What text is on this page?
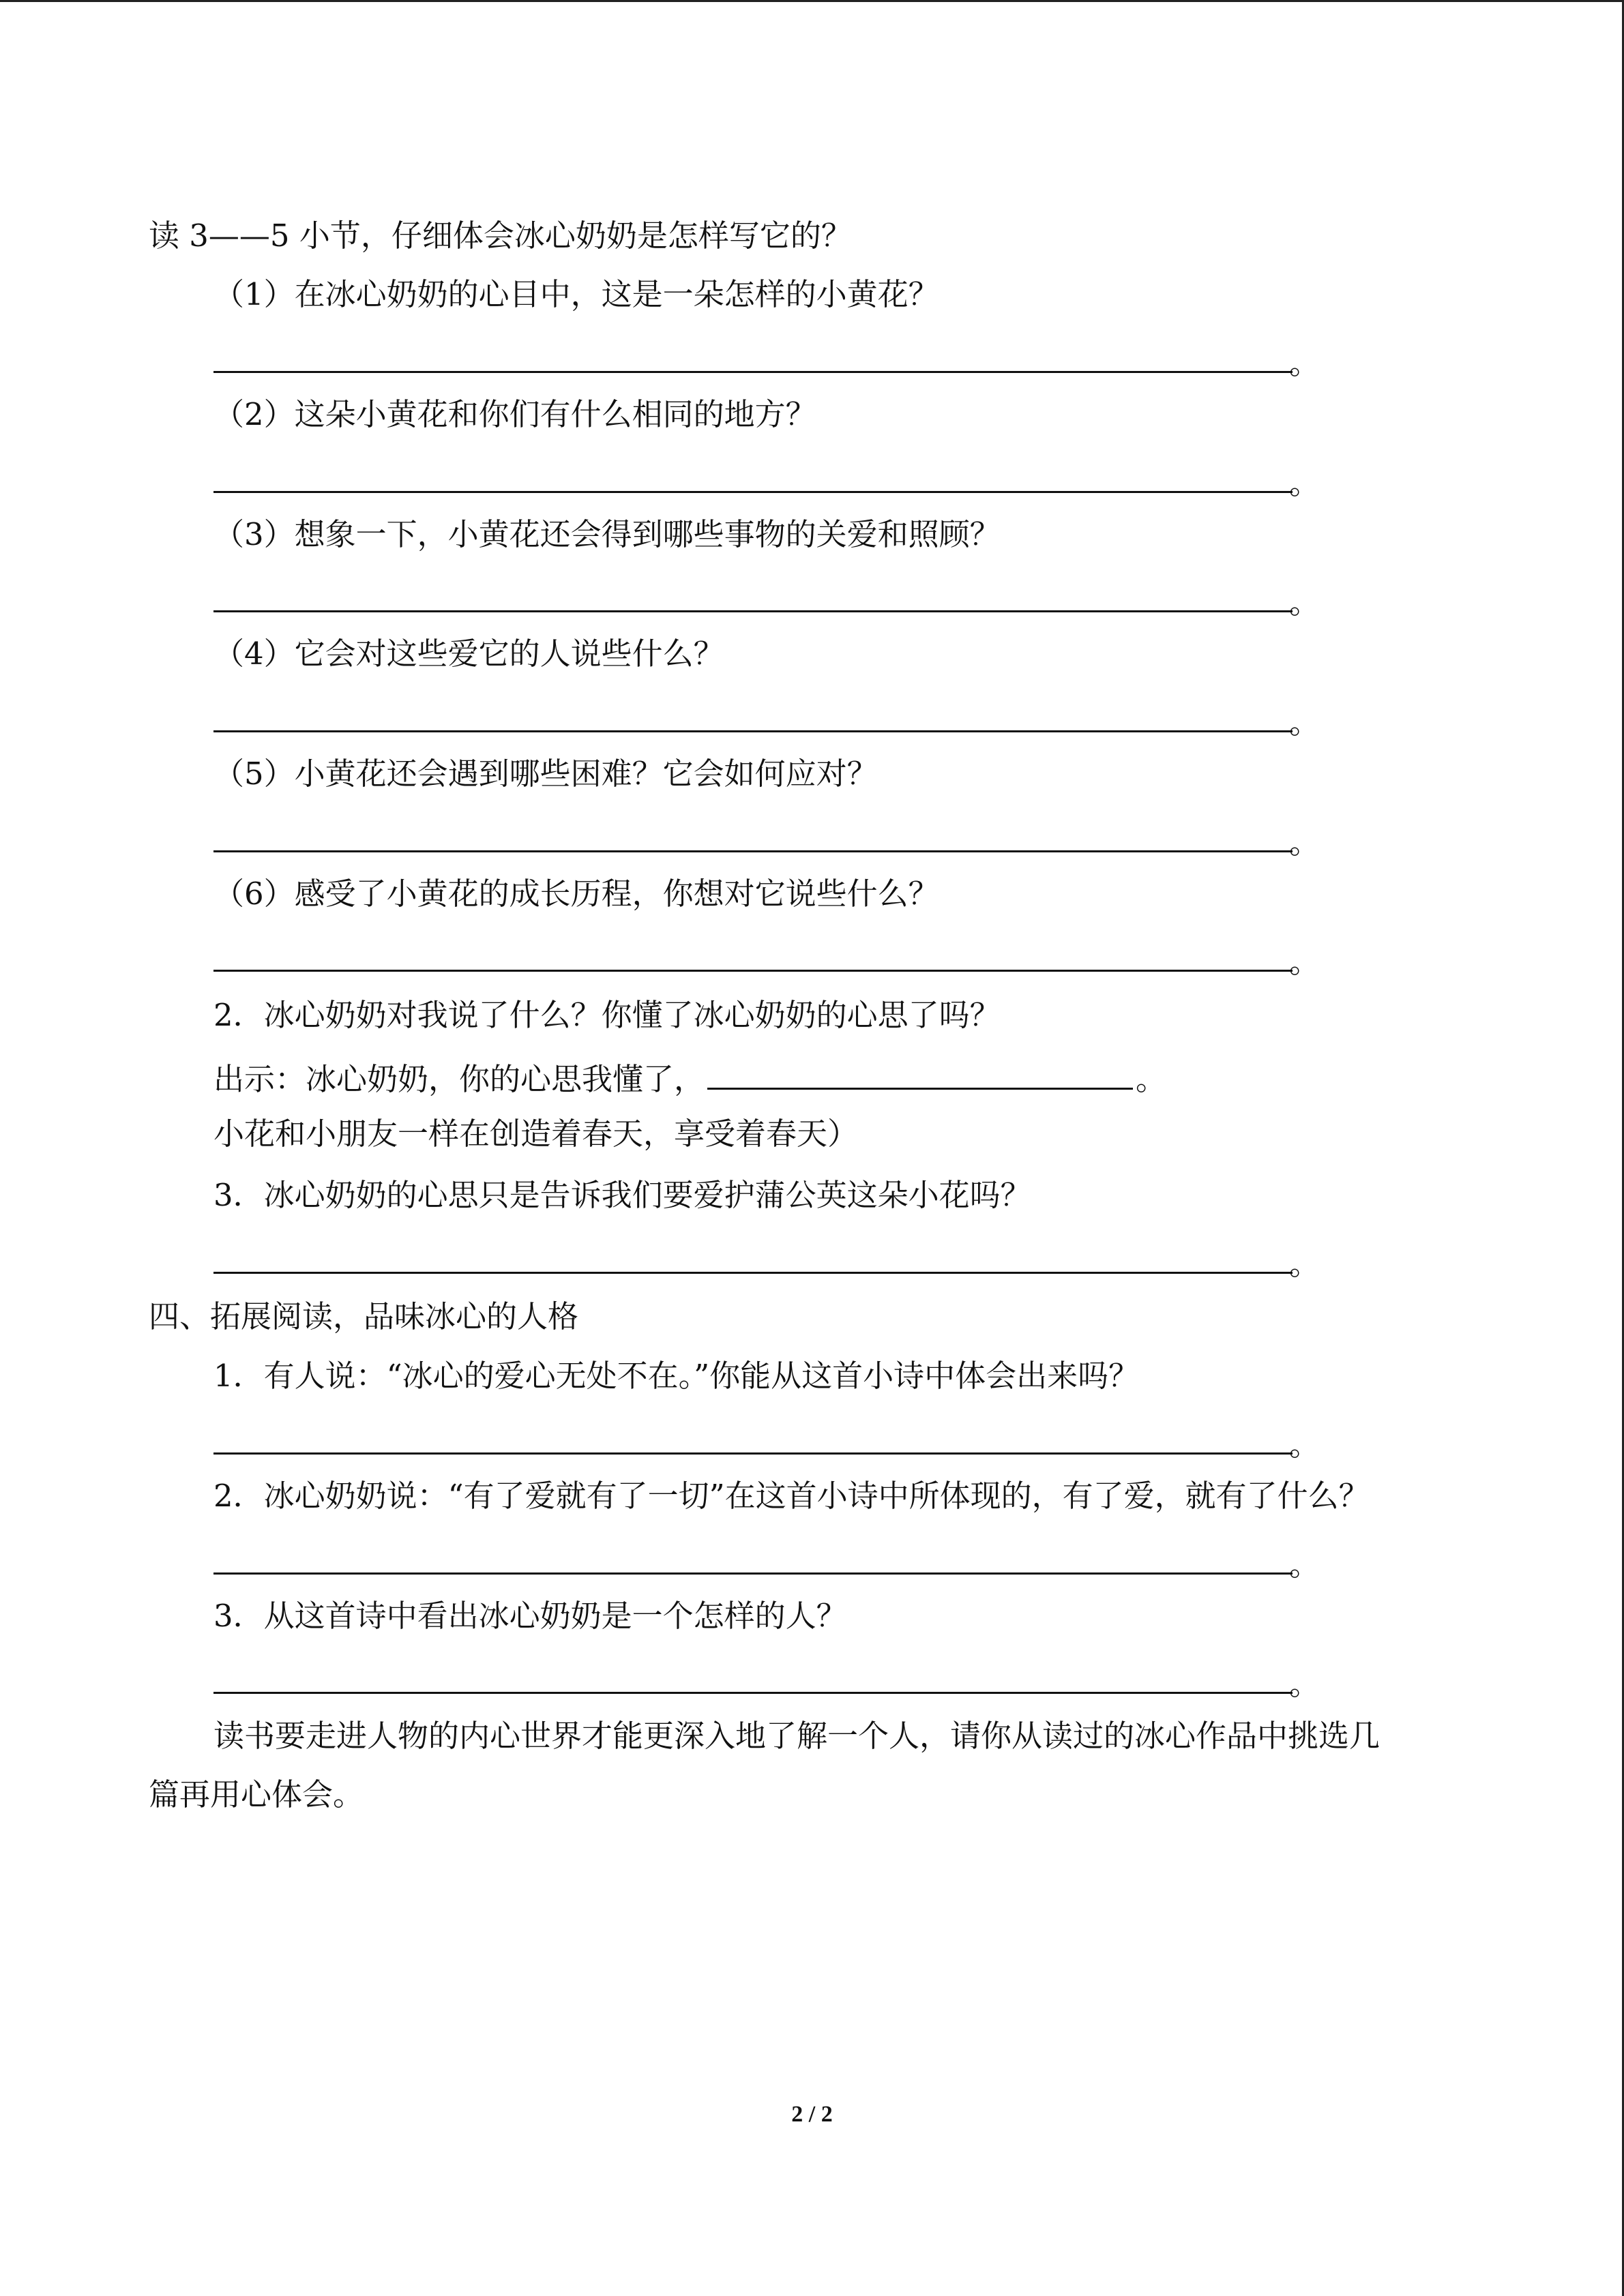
读 3——5 小节，仔细体会冰心奶奶是怎样写它的？
（1）在冰心奶奶的心目中，这是一朵怎样的小黄花？
。
（2）这朵小黄花和你们有什么相同的地方？
。
（3）想象一下，小黄花还会得到哪些事物的关爱和照顾？
。
（4）它会对这些爱它的人说些什么？
。
（5）小黄花还会遇到哪些困难？它会如何应对？
。
（6）感受了小黄花的成长历程，你想对它说些什么？
。
2．冰心奶奶对我说了什么？你懂了冰心奶奶的心思了吗？
出示：冰心奶奶，你的心思我懂了，	。
小花和小朋友一样在创造着春天，享受着春天）
3．冰心奶奶的心思只是告诉我们要爱护蒲公英这朵小花吗？
。
四、拓展阅读，品味冰心的人格
1．有人说：“冰心的爱心无处不在。”你能从这首小诗中体会出来吗？
。
2．冰心奶奶说：“有了爱就有了一切”在这首小诗中所体现的，有了爱，就有了什么？
。
3．从这首诗中看出冰心奶奶是一个怎样的人？
。
读书要走进人物的内心世界才能更深入地了解一个人，请你从读过的冰心作品中挑选几
篇再用心体会。
2 / 2
